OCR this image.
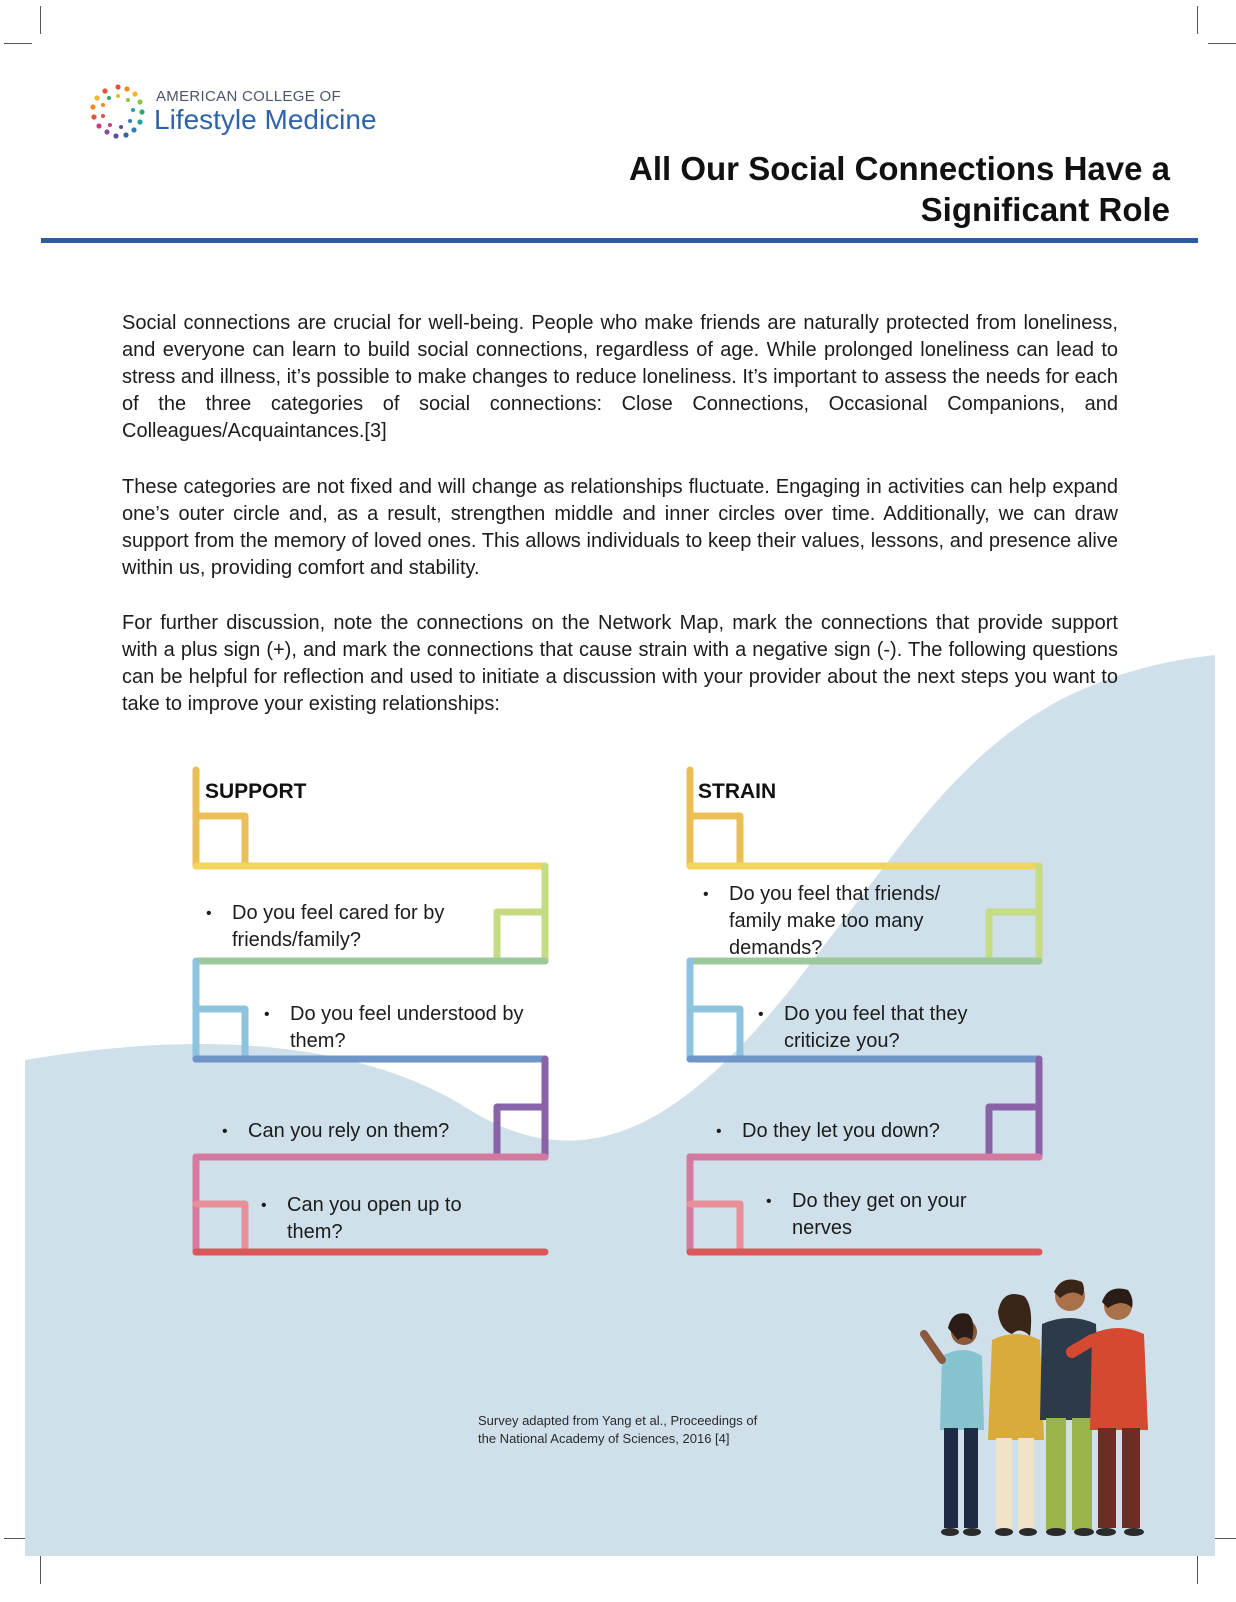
AMERICAN COLLEGE OF
Lifestyle Medicine
All Our Social Connections Have a
Significant Role
Social connections are crucial for well-being. People who make friends are naturally protected from loneliness, and everyone can learn to build social connections, regardless of age. While prolonged loneliness can lead to stress and illness, it’s possible to make changes to reduce loneliness. It’s important to assess the needs for each of the three categories of social connections: Close Connections, Occasional Companions, and Colleagues/Acquaintances.[3]
These categories are not fixed and will change as relationships fluctuate. Engaging in activities can help expand one’s outer circle and, as a result, strengthen middle and inner circles over time. Additionally, we can draw support from the memory of loved ones. This allows individuals to keep their values, lessons, and presence alive within us, providing comfort and stability.
For further discussion, note the connections on the Network Map, mark the connections that provide support with a plus sign (+), and mark the connections that cause strain with a negative sign (-). The following questions can be helpful for reflection and used to initiate a discussion with your provider about the next steps you want to take to improve your existing relationships:
SUPPORT	STRAIN
• Do you feel cared for by friends/family?
• Do you feel understood by them?
• Can you rely on them?
• Can you open up to them?
• Do you feel that friends/ family make too many demands?
• Do you feel that they criticize you?
• Do they let you down?
• Do they get on your nerves
Survey adapted from Yang et al., Proceedings of the National Academy of Sciences, 2016 [4]
